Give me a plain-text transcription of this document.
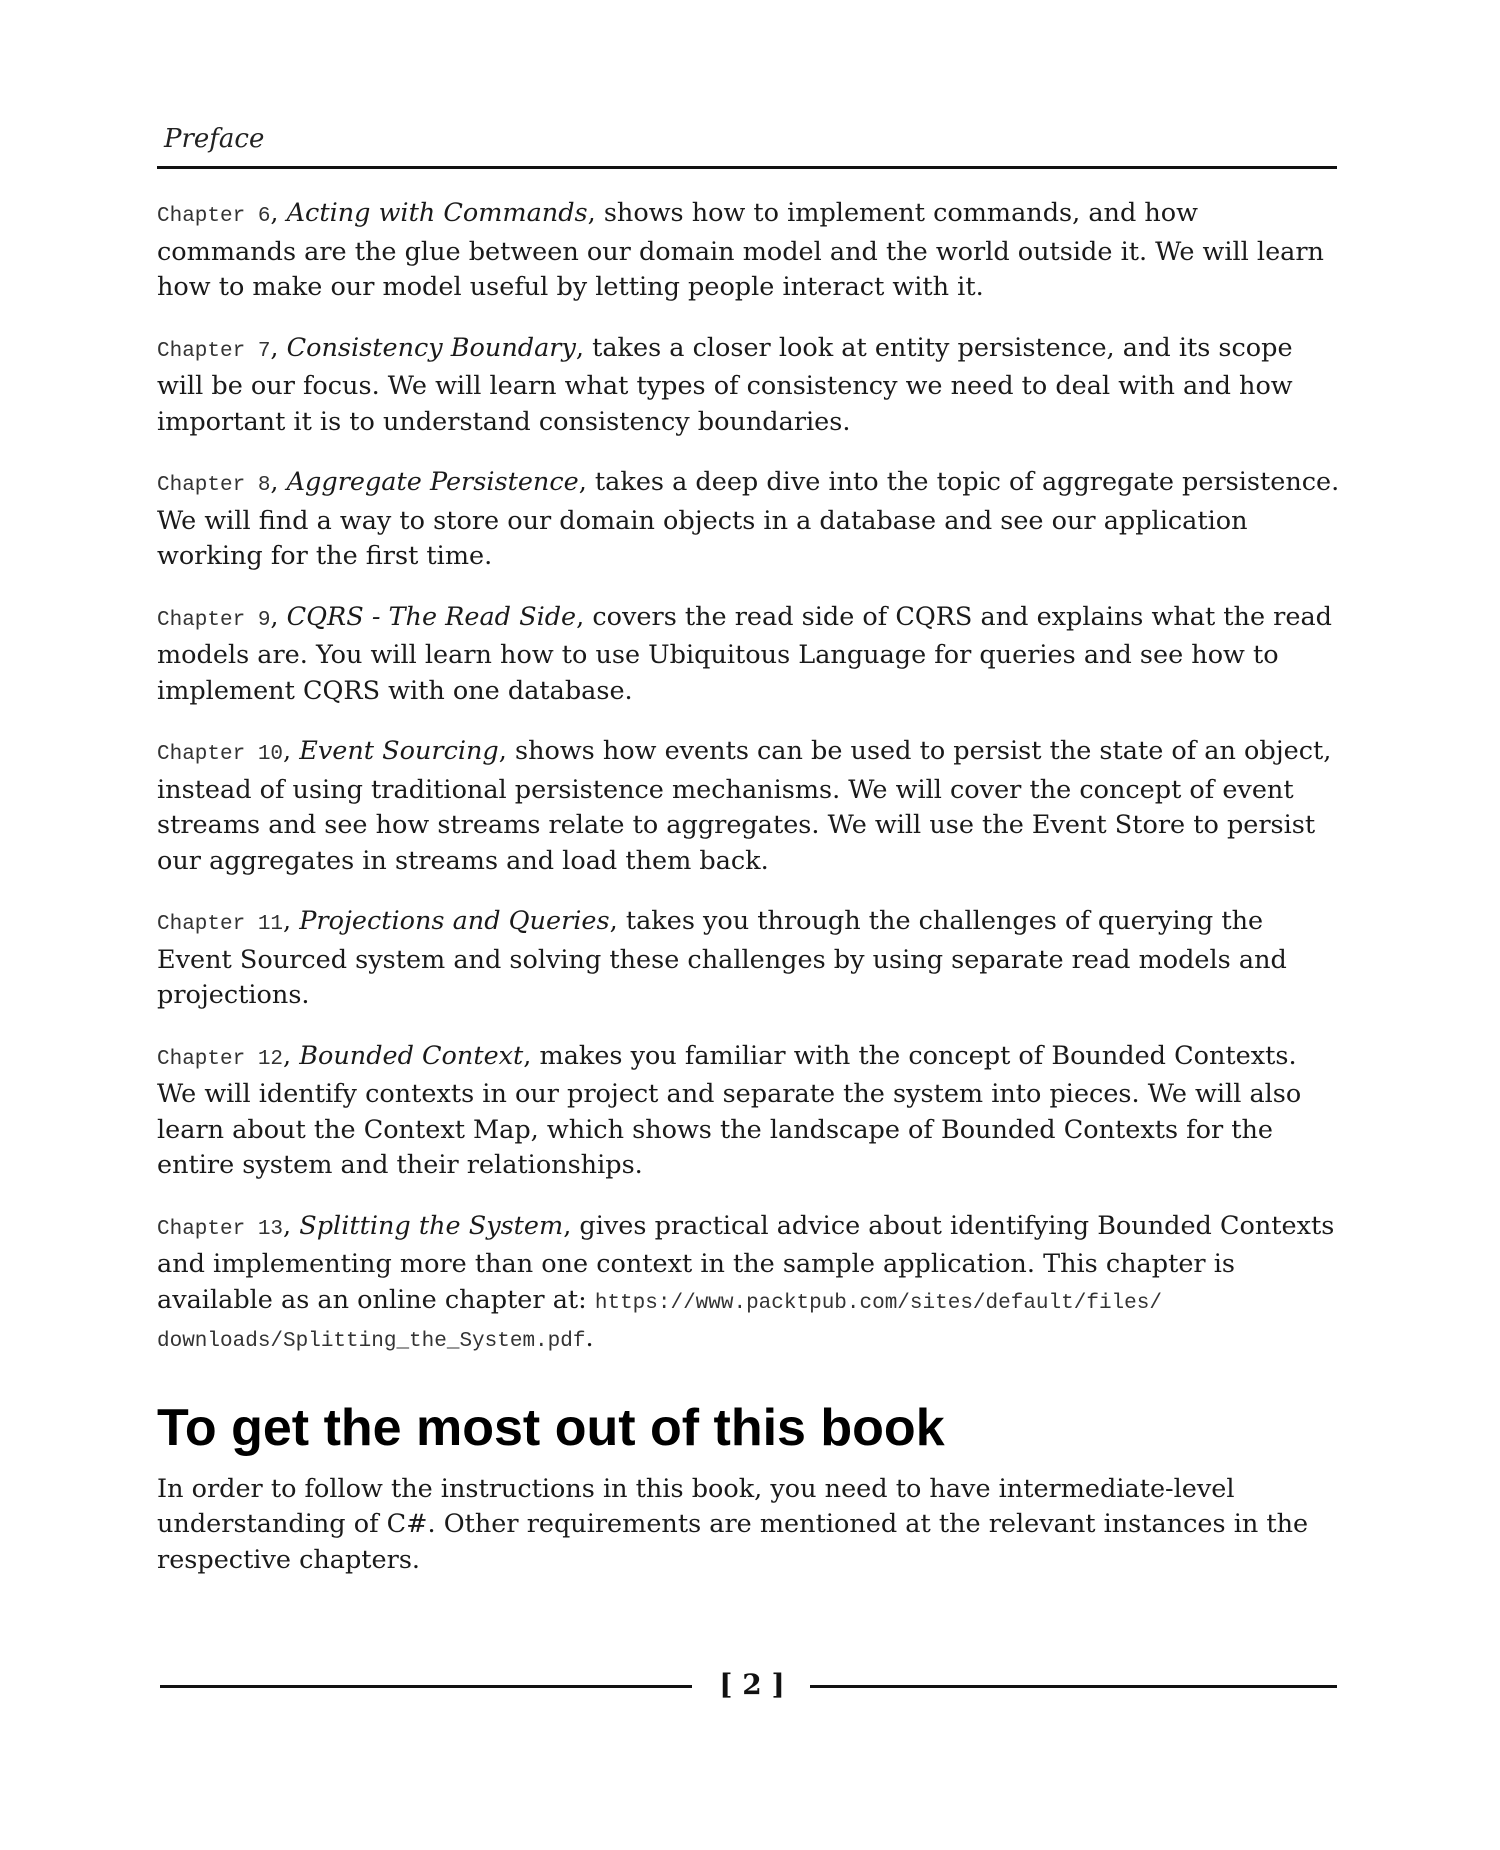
Preface

Chapter 6, Acting with Commands, shows how to implement commands, and how commands are the glue between our domain model and the world outside it. We will learn how to make our model useful by letting people interact with it.

Chapter 7, Consistency Boundary, takes a closer look at entity persistence, and its scope will be our focus. We will learn what types of consistency we need to deal with and how important it is to understand consistency boundaries.

Chapter 8, Aggregate Persistence, takes a deep dive into the topic of aggregate persistence. We will find a way to store our domain objects in a database and see our application working for the first time.

Chapter 9, CQRS - The Read Side, covers the read side of CQRS and explains what the read models are. You will learn how to use Ubiquitous Language for queries and see how to implement CQRS with one database.

Chapter 10, Event Sourcing, shows how events can be used to persist the state of an object, instead of using traditional persistence mechanisms. We will cover the concept of event streams and see how streams relate to aggregates. We will use the Event Store to persist our aggregates in streams and load them back.

Chapter 11, Projections and Queries, takes you through the challenges of querying the Event Sourced system and solving these challenges by using separate read models and projections.

Chapter 12, Bounded Context, makes you familiar with the concept of Bounded Contexts. We will identify contexts in our project and separate the system into pieces. We will also learn about the Context Map, which shows the landscape of Bounded Contexts for the entire system and their relationships.

Chapter 13, Splitting the System, gives practical advice about identifying Bounded Contexts and implementing more than one context in the sample application. This chapter is available as an online chapter at: https://www.packtpub.com/sites/default/files/
downloads/Splitting_the_System.pdf.

To get the most out of this book

In order to follow the instructions in this book, you need to have intermediate-level understanding of C#. Other requirements are mentioned at the relevant instances in the respective chapters.

[ 2 ]
